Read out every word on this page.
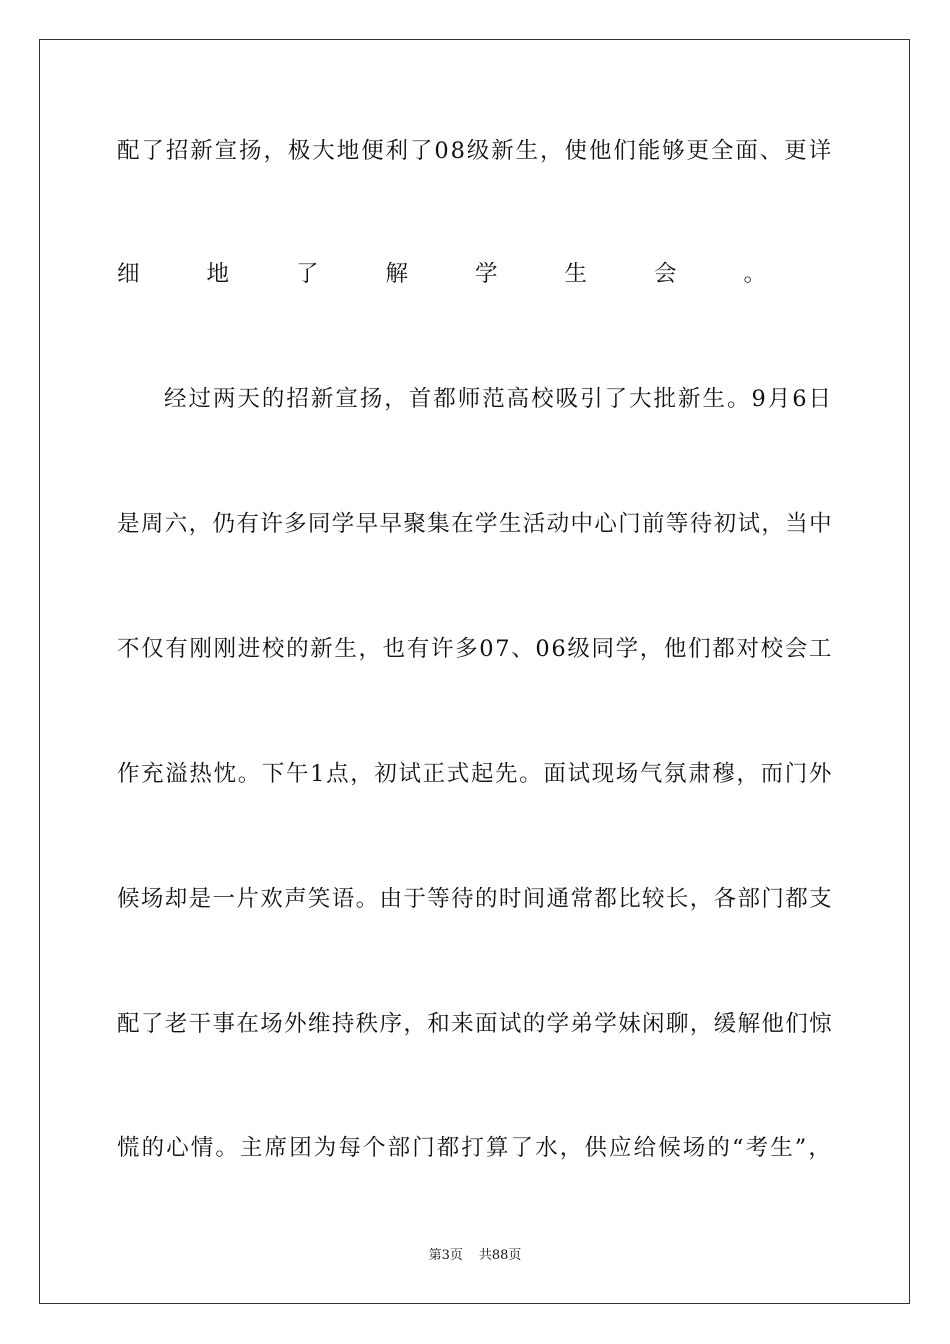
配了招新宣扬，极大地便利了08级新生，使他们能够更全面、更详
细地了解学生会。
经过两天的招新宣扬，首都师范高校吸引了大批新生。9月6日
是周六，仍有许多同学早早聚集在学生活动中心门前等待初试，当中
不仅有刚刚进校的新生，也有许多07、06级同学，他们都对校会工
作充溢热忱。下午1点，初试正式起先。面试现场气氛肃穆，而门外
候场却是一片欢声笑语。由于等待的时间通常都比较长，各部门都支
配了老干事在场外维持秩序，和来面试的学弟学妹闲聊，缓解他们惊
慌的心情。主席团为每个部门都打算了水，供应给候场的“考生”，
第3页 共88页
